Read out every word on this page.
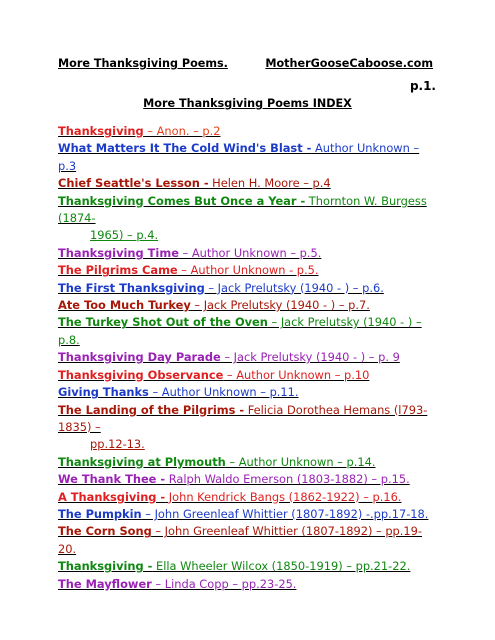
More Thanksgiving Poems.	MotherGooseCaboose.com
p.1.
More Thanksgiving Poems INDEX
Thanksgiving – Anon. – p.2
What Matters It The Cold Wind's Blast - Author Unknown – p.3
Chief Seattle's Lesson - Helen H. Moore – p.4
Thanksgiving Comes But Once a Year - Thornton W. Burgess (1874-
1965) – p.4.
Thanksgiving Time – Author Unknown – p.5.
The Pilgrims Came – Author Unknown - p.5.
The First Thanksgiving – Jack Prelutsky (1940 - ) – p.6.
Ate Too Much Turkey – Jack Prelutsky (1940 - ) – p.7.
The Turkey Shot Out of the Oven – Jack Prelutsky (1940 - ) – p.8.
Thanksgiving Day Parade – Jack Prelutsky (1940 - ) – p. 9
Thanksgiving Observance – Author Unknown – p.10
Giving Thanks – Author Unknown – p.11.
The Landing of the Pilgrims - Felicia Dorothea Hemans (l793-1835) –
pp.12-13.
Thanksgiving at Plymouth – Author Unknown – p.14.
We Thank Thee - Ralph Waldo Emerson (1803-1882) – p.15.
A Thanksgiving - John Kendrick Bangs (1862-1922) – p.16.
The Pumpkin – John Greenleaf Whittier (1807-1892) -.pp.17-18.
The Corn Song – John Greenleaf Whittier (1807-1892) – pp.19-20.
Thanksgiving - Ella Wheeler Wilcox (1850-1919) – pp.21-22.
The Mayflower – Linda Copp – pp.23-25.
